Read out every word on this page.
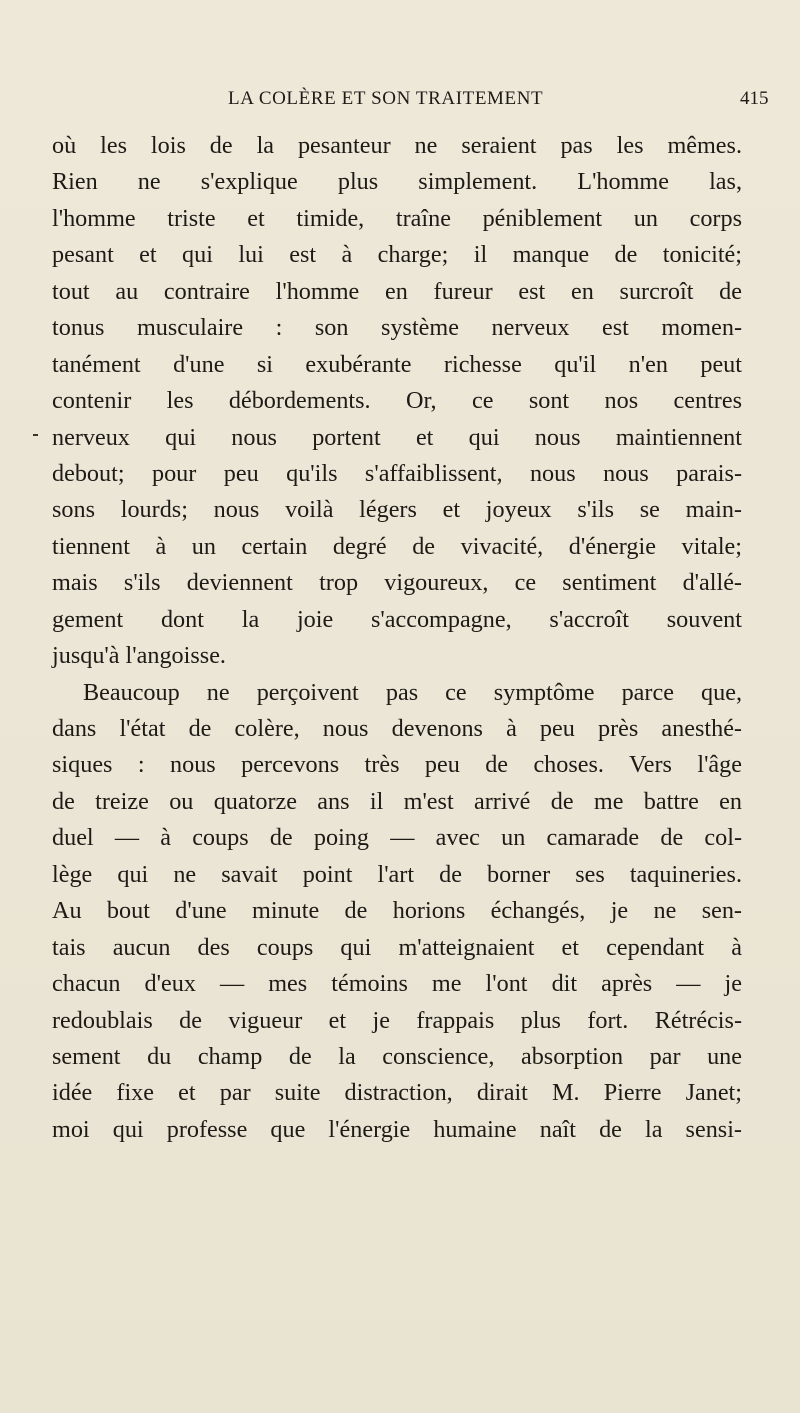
LA COLÈRE ET SON TRAITEMENT	415
où les lois de la pesanteur ne seraient pas les mêmes.
Rien ne s'explique plus simplement. L'homme las,
l'homme triste et timide, traîne péniblement un corps
pesant et qui lui est à charge; il manque de tonicité;
tout au contraire l'homme en fureur est en surcroît de
tonus musculaire : son système nerveux est momen-
tanément d'une si exubérante richesse qu'il n'en peut
contenir les débordements. Or, ce sont nos centres
nerveux qui nous portent et qui nous maintiennent
debout; pour peu qu'ils s'affaiblissent, nous nous parais-
sons lourds; nous voilà légers et joyeux s'ils se main-
tiennent à un certain degré de vivacité, d'énergie vitale;
mais s'ils deviennent trop vigoureux, ce sentiment d'allé-
gement dont la joie s'accompagne, s'accroît souvent
jusqu'à l'angoisse.
Beaucoup ne perçoivent pas ce symptôme parce que,
dans l'état de colère, nous devenons à peu près anesthé-
siques : nous percevons très peu de choses. Vers l'âge
de treize ou quatorze ans il m'est arrivé de me battre en
duel — à coups de poing — avec un camarade de col-
lège qui ne savait point l'art de borner ses taquineries.
Au bout d'une minute de horions échangés, je ne sen-
tais aucun des coups qui m'atteignaient et cependant à
chacun d'eux — mes témoins me l'ont dit après — je
redoublais de vigueur et je frappais plus fort. Rétrécis-
sement du champ de la conscience, absorption par une
idée fixe et par suite distraction, dirait M. Pierre Janet;
moi qui professe que l'énergie humaine naît de la sensi-
